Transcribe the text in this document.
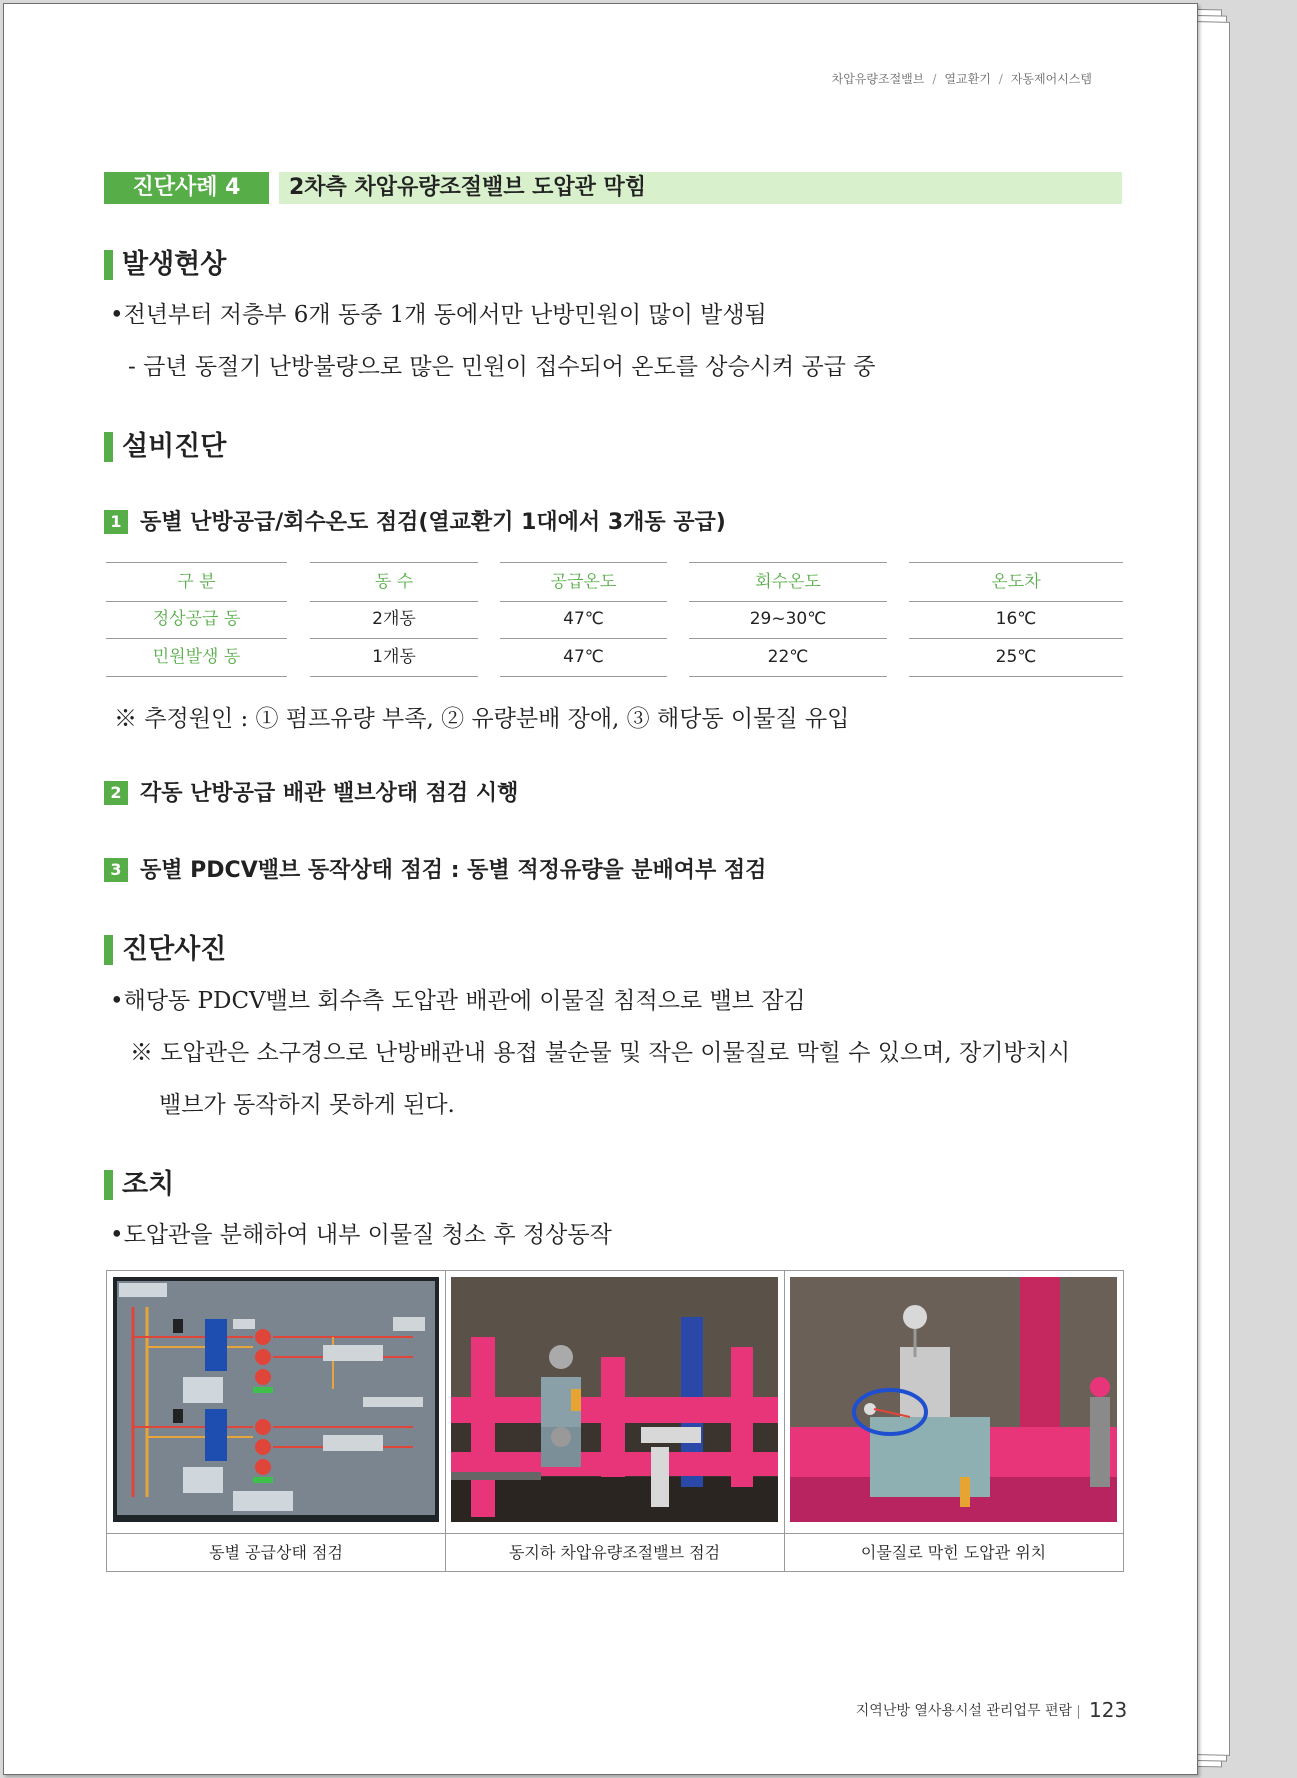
차압유량조절밸브 / 열교환기 / 자동제어시스템
진단사례 4	2차측 차압유량조절밸브 도압관 막힘
발생현상
•전년부터 저층부 6개 동중 1개 동에서만 난방민원이 많이 발생됨
- 금년 동절기 난방불량으로 많은 민원이 접수되어 온도를 상승시켜 공급 중
설비진단
1 동별 난방공급/회수온도 점검(열교환기 1대에서 3개동 공급)
구 분	동 수	공급온도	회수온도	온도차
정상공급 동	2개동	47℃	29~30℃	16℃
민원발생 동	1개동	47℃	22℃	25℃
※ 추정원인 : ① 펌프유량 부족, ② 유량분배 장애, ③ 해당동 이물질 유입
2 각동 난방공급 배관 밸브상태 점검 시행
3 동별 PDCV밸브 동작상태 점검 : 동별 적정유량을 분배여부 점검
진단사진
•해당동 PDCV밸브 회수측 도압관 배관에 이물질 침적으로 밸브 잠김
※ 도압관은 소구경으로 난방배관내 용접 불순물 및 작은 이물질로 막힐 수 있으며, 장기방치시
밸브가 동작하지 못하게 된다.
조치
•도압관을 분해하여 내부 이물질 청소 후 정상동작
동별 공급상태 점검	동지하 차압유량조절밸브 점검	이물질로 막힌 도압관 위치
지역난방 열사용시설 관리업무 편람 123
